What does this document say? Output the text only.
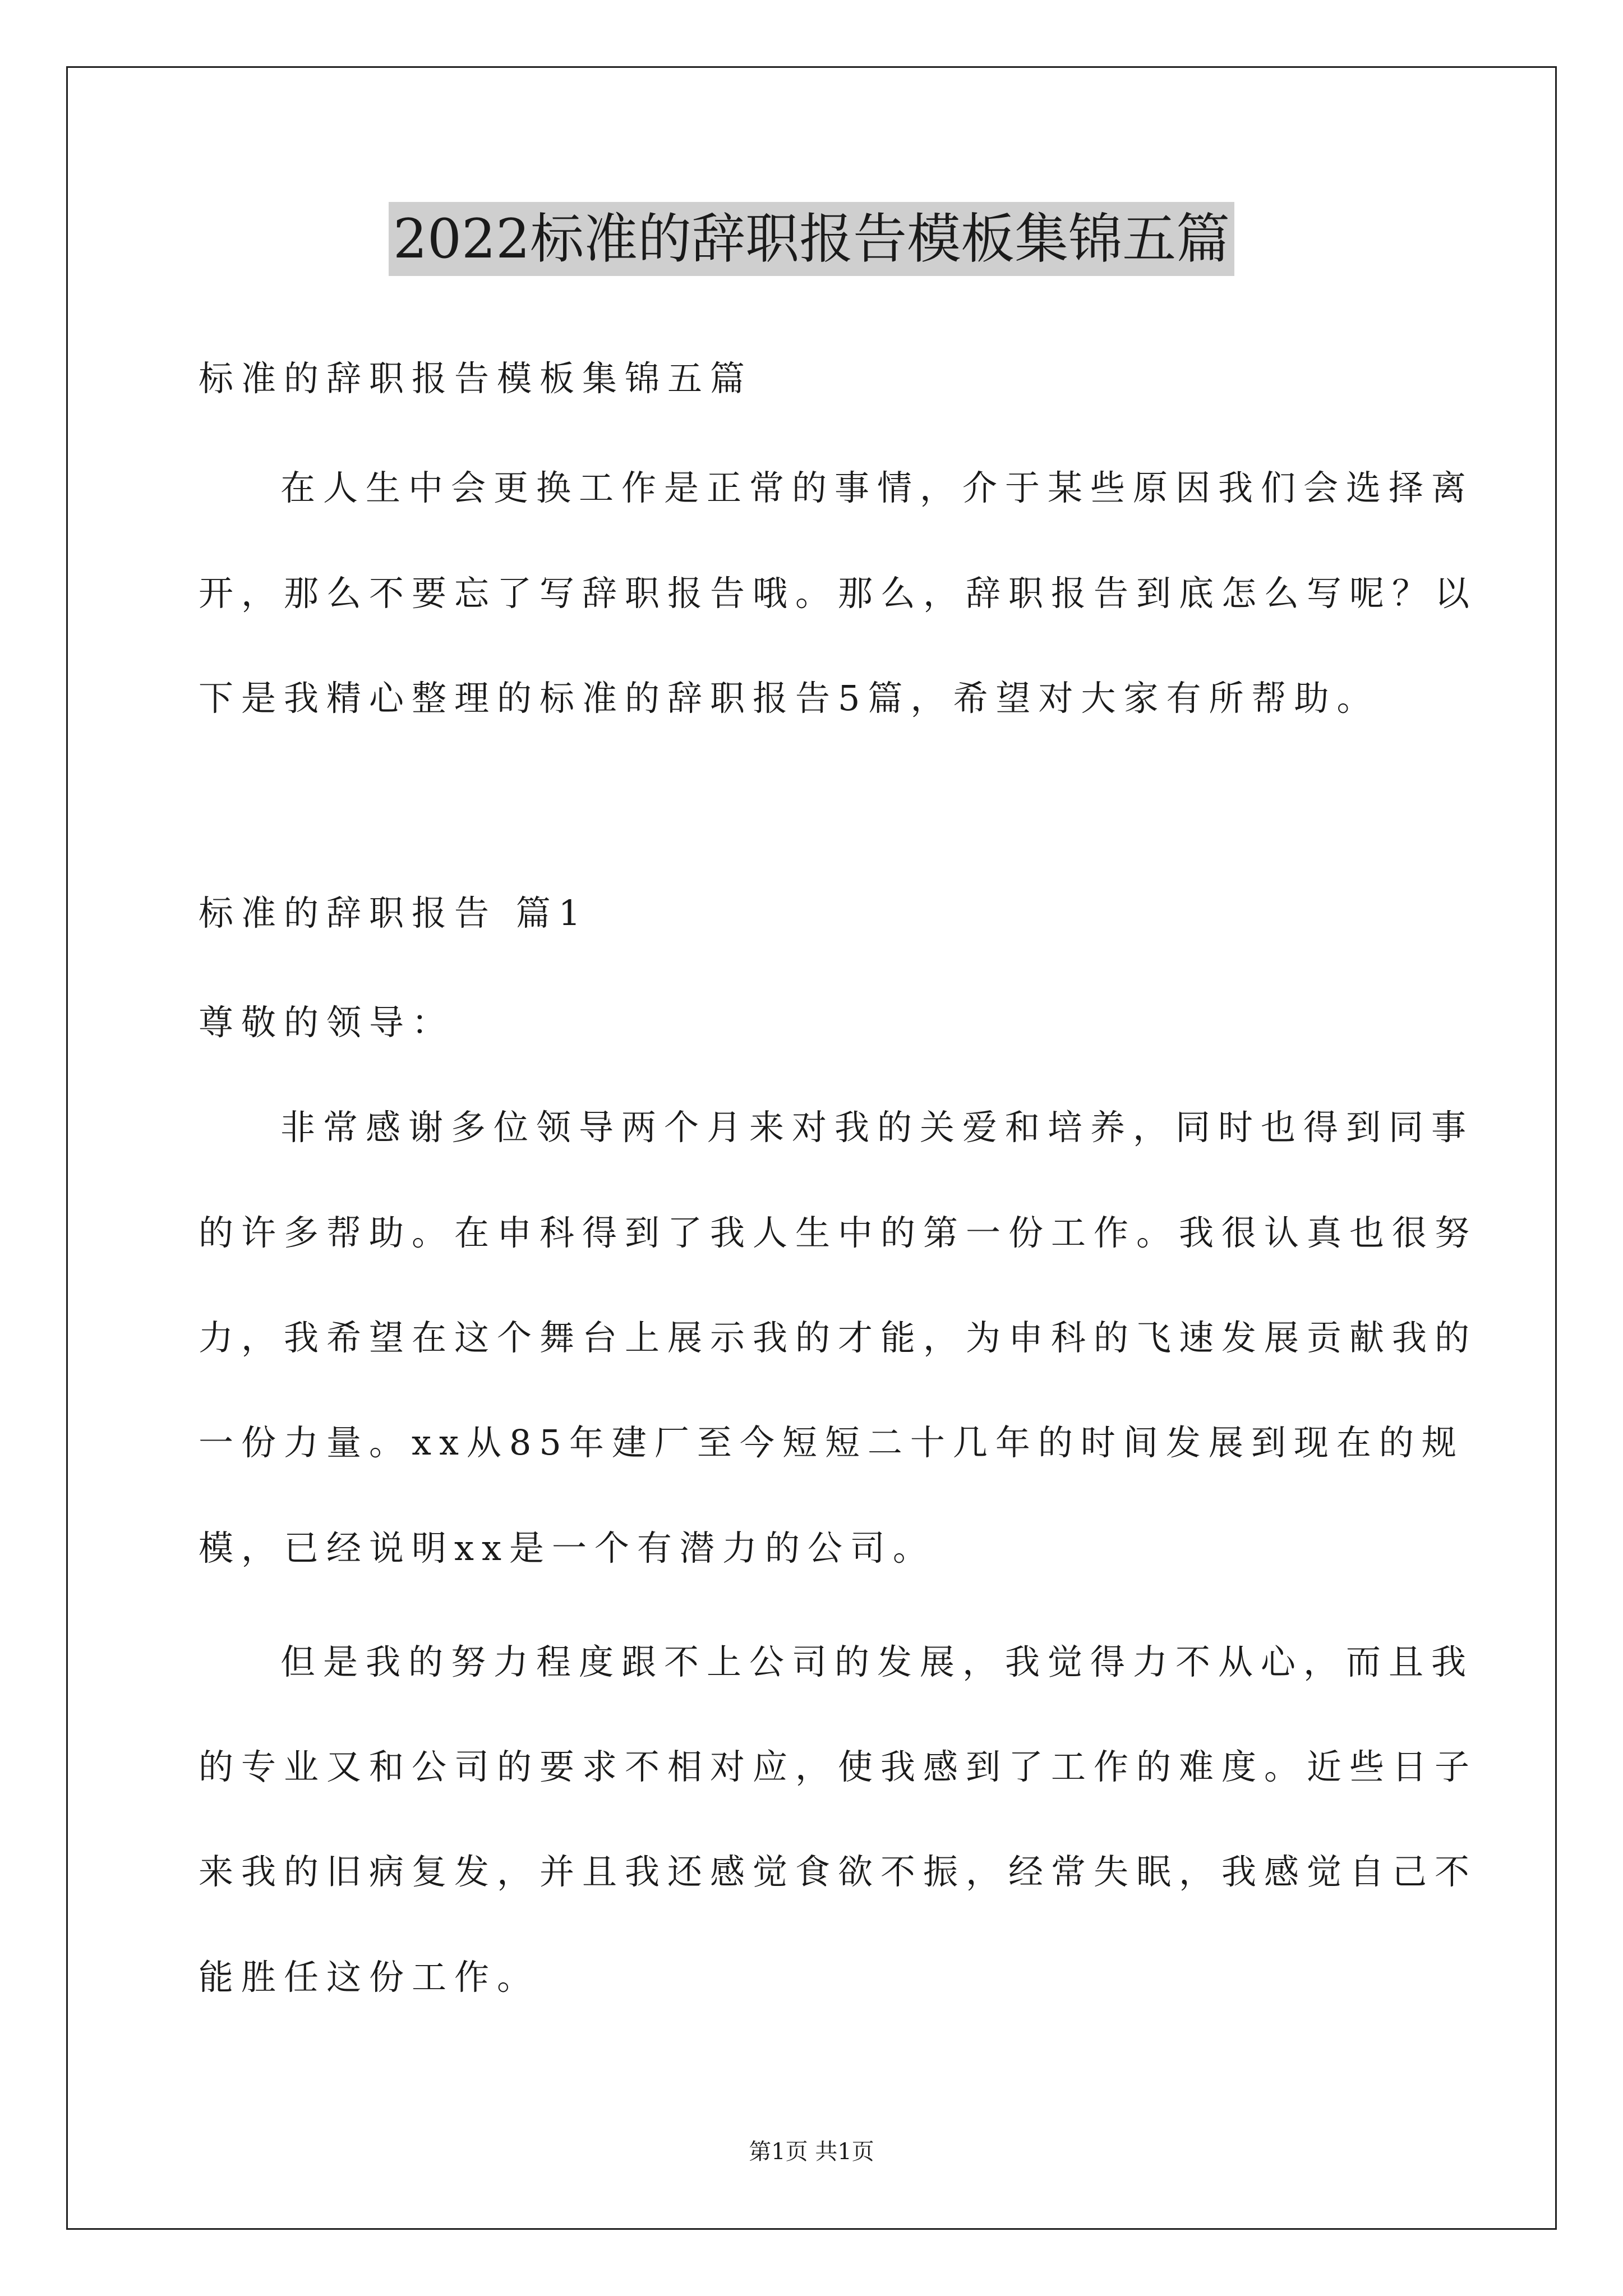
2022标准的辞职报告模板集锦五篇
标准的辞职报告模板集锦五篇
在人生中会更换工作是正常的事情，介于某些原因我们会选择离
开，那么不要忘了写辞职报告哦。那么，辞职报告到底怎么写呢？以
下是我精心整理的标准的辞职报告5篇，希望对大家有所帮助。
标准的辞职报告 篇1
尊敬的领导：
非常感谢多位领导两个月来对我的关爱和培养，同时也得到同事
的许多帮助。在申科得到了我人生中的第一份工作。我很认真也很努
力，我希望在这个舞台上展示我的才能，为申科的飞速发展贡献我的
一份力量。xx从85年建厂至今短短二十几年的时间发展到现在的规
模，已经说明xx是一个有潜力的公司。
但是我的努力程度跟不上公司的发展，我觉得力不从心，而且我
的专业又和公司的要求不相对应，使我感到了工作的难度。近些日子
来我的旧病复发，并且我还感觉食欲不振，经常失眠，我感觉自己不
能胜任这份工作。
第1页 共1页
